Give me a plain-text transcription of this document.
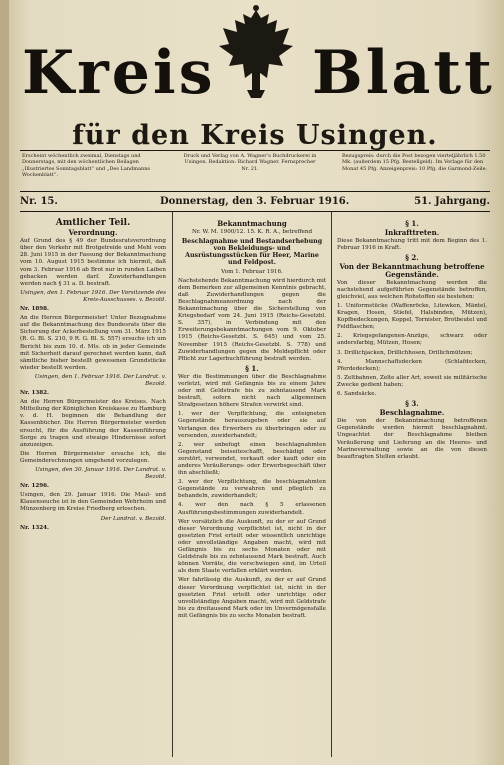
Kreis Blatt
für den Kreis Usingen.
Erscheint wöchentlich zweimal, Dienstags und Donnerstags, mit den wöchentlichen Beilagen „Illustriertes Sonntagsblatt“ und „Des Landmanns Wochenblatt“.
Druck und Verlag von A. Wagner’s Buchdruckerei in Usingen. Redaktion: Richard Wagner. Fernsprecher Nr. 21.
Bezugspreis: durch die Post bezogen vierteljährlich 1.50 Mk. (außerdem 15 Pfg. Bestellgeld). Im Verlage für den Monat 45 Pfg. Anzeigenpreis: 10 Pfg. die Garmond-Zeile.
Nr. 15.	Donnerstag, den 3. Februar 1916.	51. Jahrgang.
Amtlicher Teil.
Verordnung.

Auf Grund des § 49 der Bundesratsverordnung über den Verkehr mit Brotgetreide und Mehl vom 28. Juni 1915 in der Fassung der Bekanntmachung vom 10. August 1915 bestimme ich hiermit, daß vom 3. Februar 1916 ab Brot nur in runden Laiben gebacken werden darf. Zuwiderhandlungen werden nach § 31 a. D. bestraft.

Usingen, den 1. Februar 1916. Der Vorsitzende des Kreis-Ausschusses. v. Bezold.

Nr. 1898.

An die Herren Bürgermeister! Unter Bezugnahme auf die Bekanntmachung des Bundesrats über die Sicherung der Ackerbestellung vom 31. März 1915 (R. G. Bl. S. 210, 9 R. G. Bl. S. 557) ersuche ich um Bericht bis zum 10. d. Mts. ob in jeder Gemeinde mit Sicherheit darauf gerechnet werden kann, daß sämtliche bisher bestellt gewesenen Grundstücke wieder bestellt werden.

Usingen, den 1. Februar 1916. Der Landrat. v. Bezold.

Nr. 1382.

An die Herren Bürgermeister des Kreises. Nach Mitteilung der Königlichen Kreiskasse zu Hamburg v. d. H. beginnen die Behandlung der Kassenbücher. Die Herren Bürgermeister werden ersucht, für die Ausführung der Kassenführung Sorge zu tragen und etwaige Hindernisse sofort anzuzeigen.

Die Herren Bürgermeister ersuche ich, die Gemeinderechnungen umgehend vorzulegen.

Usingen, den 30. Januar 1916. Der Landrat. v. Bezold.

Nr. 1296.

Usingen, den 29. Januar 1916. Die Maul- und Klauenseuche ist in den Gemeinden Wehrheim und Münzenberg im Kreise Friedberg erloschen.

Der Landrat. v. Bezold.

Nr. 1324.

Bekanntmachung

Nr. W. M. 1900/12. 15. K. R. A., betreffend

Beschlagnahme und Bestandserhebung von Bekleidungs- und Ausrüstungsstücken für Heer, Marine und Feldpost.

Vom 1. Februar 1916.

Nachstehende Bekanntmachung wird hierdurch mit dem Bemerken zur allgemeinen Kenntnis gebracht, daß Zuwiderhandlungen gegen die Beschlagnahmeanordnung nach der Bekanntmachung über die Sicherstellung von Kriegsbedarf vom 24. Juni 1915 (Reichs-Gesetzbl. S. 357), in Verbindung mit den Erweiterungsbekanntmachungen vom 9. Oktober 1915 (Reichs-Gesetzbl. S. 645) und vom 25. November 1915 (Reichs-Gesetzbl. S. 778) und Zuwiderhandlungen gegen die Meldepflicht oder Pflicht zur Lagerbuchführung bestraft werden.

§ 1.

Wer die Bestimmungen über die Beschlagnahme verletzt, wird mit Gefängnis bis zu einem Jahre oder mit Geldstrafe bis zu zehntausend Mark bestraft, sofern nicht nach allgemeinen Strafgesetzen höhere Strafen verwirkt sind.

1. wer der Verpflichtung, die enteigneten Gegenstände herauszugeben oder sie auf Verlangen des Erwerbers zu überbringen oder zu versenden, zuwiderhandelt;

2. wer unbefugt einen beschlagnahmten Gegenstand beiseiteschafft, beschädigt oder zerstört, verwendet, verkauft oder kauft oder ein anderes Veräußerungs- oder Erwerbsgeschäft über ihn abschließt;

3. wer der Verpflichtung, die beschlagnahmten Gegenstände zu verwahren und pfleglich zu behandeln, zuwiderhandelt;

4. wer den nach § 5 erlassenen Ausführungsbestimmungen zuwiderhandelt.

Wer vorsätzlich die Auskunft, zu der er auf Grund dieser Verordnung verpflichtet ist, nicht in der gesetzten Frist erteilt oder wissentlich unrichtige oder unvollständige Angaben macht, wird mit Gefängnis bis zu sechs Monaten oder mit Geldstrafe bis zu zehntausend Mark bestraft. Auch können Vorräte, die verschwiegen sind, im Urteil als dem Staate verfallen erklärt werden.

Wer fahrlässig die Auskunft, zu der er auf Grund dieser Verordnung verpflichtet ist, nicht in der gesetzten Frist erteilt oder unrichtige oder unvollständige Angaben macht, wird mit Geldstrafe bis zu dreitausend Mark oder im Unvermögensfalle mit Gefängnis bis zu sechs Monaten bestraft.

§ 1.
Inkrafttreten.

Diese Bekanntmachung tritt mit dem Beginn des 1. Februar 1916 in Kraft.

§ 2.
Von der Bekanntmachung betroffene Gegenstände.

Von dieser Bekanntmachung werden die nachstehend aufgeführten Gegenstände betroffen, gleichviel, aus welchen Rohstoffen sie bestehen:

1. Uniformstücke (Waffenröcke, Litewken, Mäntel, Kragen, Hosen, Stiefel, Halsbinden, Mützen), Kopfbedeckungen, Koppel, Tornister, Brotbeutel und Feldflaschen;

2. Kriegsgefangenen-Anzüge, schwarz oder andersfarbig, Mützen, Hosen;

3. Drillichjacken, Drillichhosen, Drillichmützen;

4. Mannschaftsdecken (Schlafdecken, Pferdedecken);

5. Zeltbahnen, Zelte aller Art, soweit sie militärische Zwecke gedient haben;

6. Sandsäcke.

§ 3.
Beschlagnahme.

Die von der Bekanntmachung betroffenen Gegenstände werden hiermit beschlagnahmt. Ungeachtet der Beschlagnahme bleiben Veräußerung und Lieferung an die Heeres- und Marineverwaltung sowie an die von diesen beauftragten Stellen erlaubt.
